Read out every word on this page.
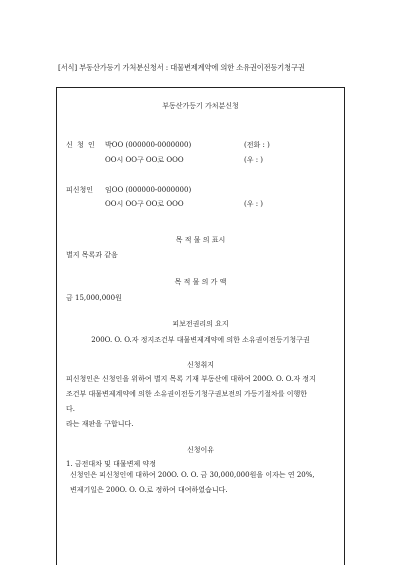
[서식] 부동산가등기 가처분신청서 : 대물변제계약에 의한 소유권이전등기청구권
부동산가등기 가처분신청
신 청 인 박OO (000000-0000000)	(전화 : )
OO시 OO구 OO로 OOO	(우 : )
피신청인 임OO (000000-0000000)
OO시 OO구 OO로 OOO	(우 : )
목 적 물 의 표시
별지 목록과 같음
목 적 물 의 가 액
금 15,000,000원
피보전권리의 요지
200O. O. O.자 정지조건부 대물변제계약에 의한 소유권이전등기청구권
신청취지
피신청인은 신청인을 위하여 별지 목록 기재 부동산에 대하여 200O. O. O.자 정지
조건부 대물변제계약에 의한 소유권이전등기청구권보전의 가등기절차를 이행한
다.
라는 재판을 구합니다.
신청이유
1. 금전대차 및 대물변제 약정
신청인은 피신청인에 대하여 200O. O. O. 금 30,000,000원을 이자는 연 20%,
변제기일은 200O. O. O.로 정하여 대여하였습니다.
